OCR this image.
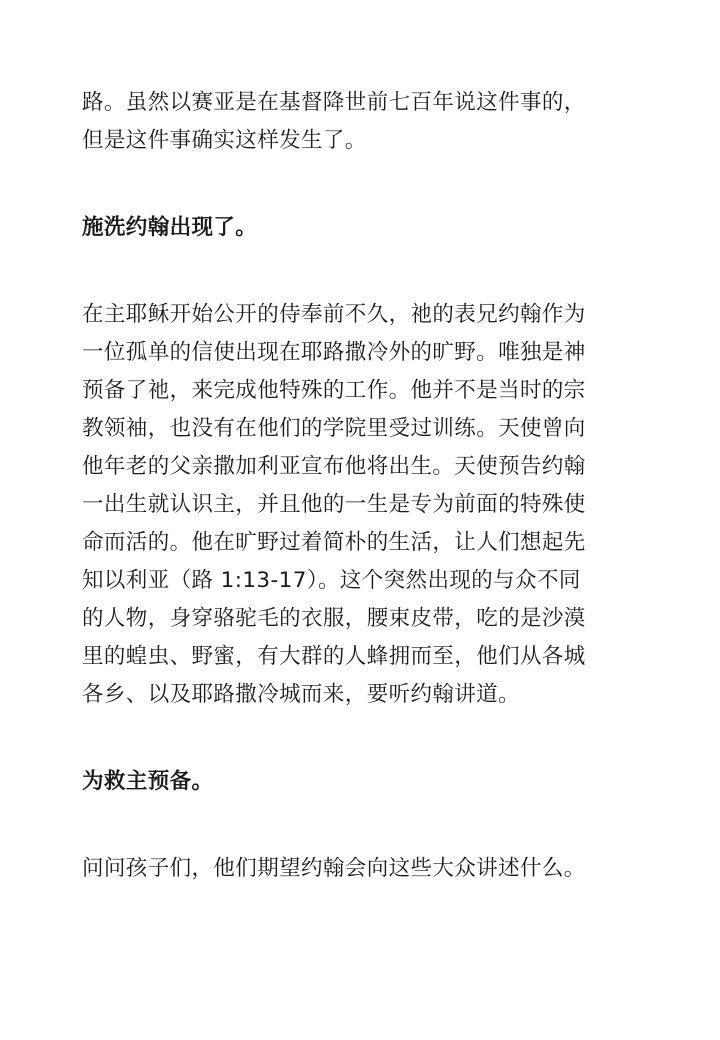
路。虽然以赛亚是在基督降世前七百年说这件事的，
但是这件事确实这样发生了。

施洗约翰出现了。

在主耶稣开始公开的侍奉前不久，祂的表兄约翰作为
一位孤单的信使出现在耶路撒冷外的旷野。唯独是神
预备了祂，来完成他特殊的工作。他并不是当时的宗
教领袖，也没有在他们的学院里受过训练。天使曾向
他年老的父亲撒加利亚宣布他将出生。天使预告约翰
一出生就认识主，并且他的一生是专为前面的特殊使
命而活的。他在旷野过着简朴的生活，让人们想起先
知以利亚（路 1:13-17）。这个突然出现的与众不同
的人物，身穿骆驼毛的衣服，腰束皮带，吃的是沙漠
里的蝗虫、野蜜，有大群的人蜂拥而至，他们从各城
各乡、以及耶路撒冷城而来，要听约翰讲道。

为救主预备。

问问孩子们，他们期望约翰会向这些大众讲述什么。
